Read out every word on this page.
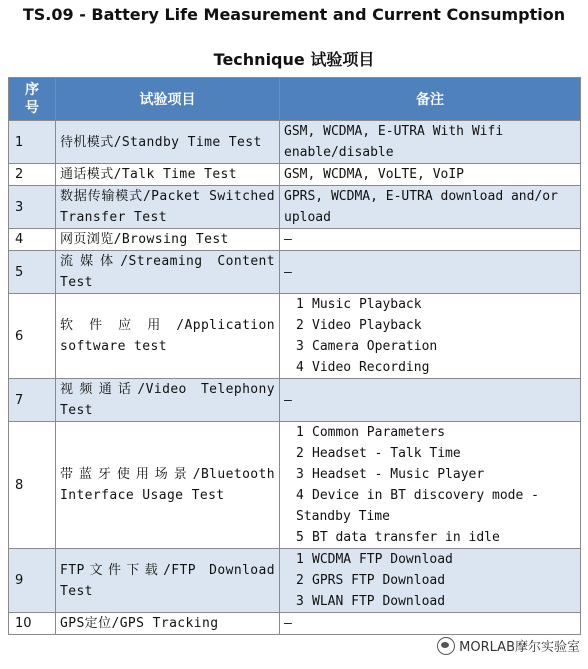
TS.09 - Battery Life Measurement and Current Consumption
Technique 试验项目
序号	试验项目	备注
1	待机模式/Standby Time Test	GSM, WCDMA, E-UTRA With Wifi enable/disable
2	通话模式/Talk Time Test	GSM, WCDMA, VoLTE, VoIP
3	数据传输模式/Packet Switched Transfer Test	GPRS, WCDMA, E-UTRA download and/or upload
4	网页浏览/Browsing Test	–
5	流媒体/Streaming Content Test	–
6	软件应用/Application software test	1 Music Playback
2 Video Playback
3 Camera Operation
4 Video Recording

7	视频通话/Video Telephony Test	–
8	带蓝牙使用场景/Bluetooth Interface Usage Test	1 Common Parameters
2 Headset - Talk Time
3 Headset - Music Player
4 Device in BT discovery mode - Standby Time
5 BT data transfer in idle

9	FTP文件下载/FTP Download Test	1 WCDMA FTP Download
2 GPRS FTP Download
3 WLAN FTP Download

10	GPS定位/GPS Tracking	–
MORLAB摩尔实验室
